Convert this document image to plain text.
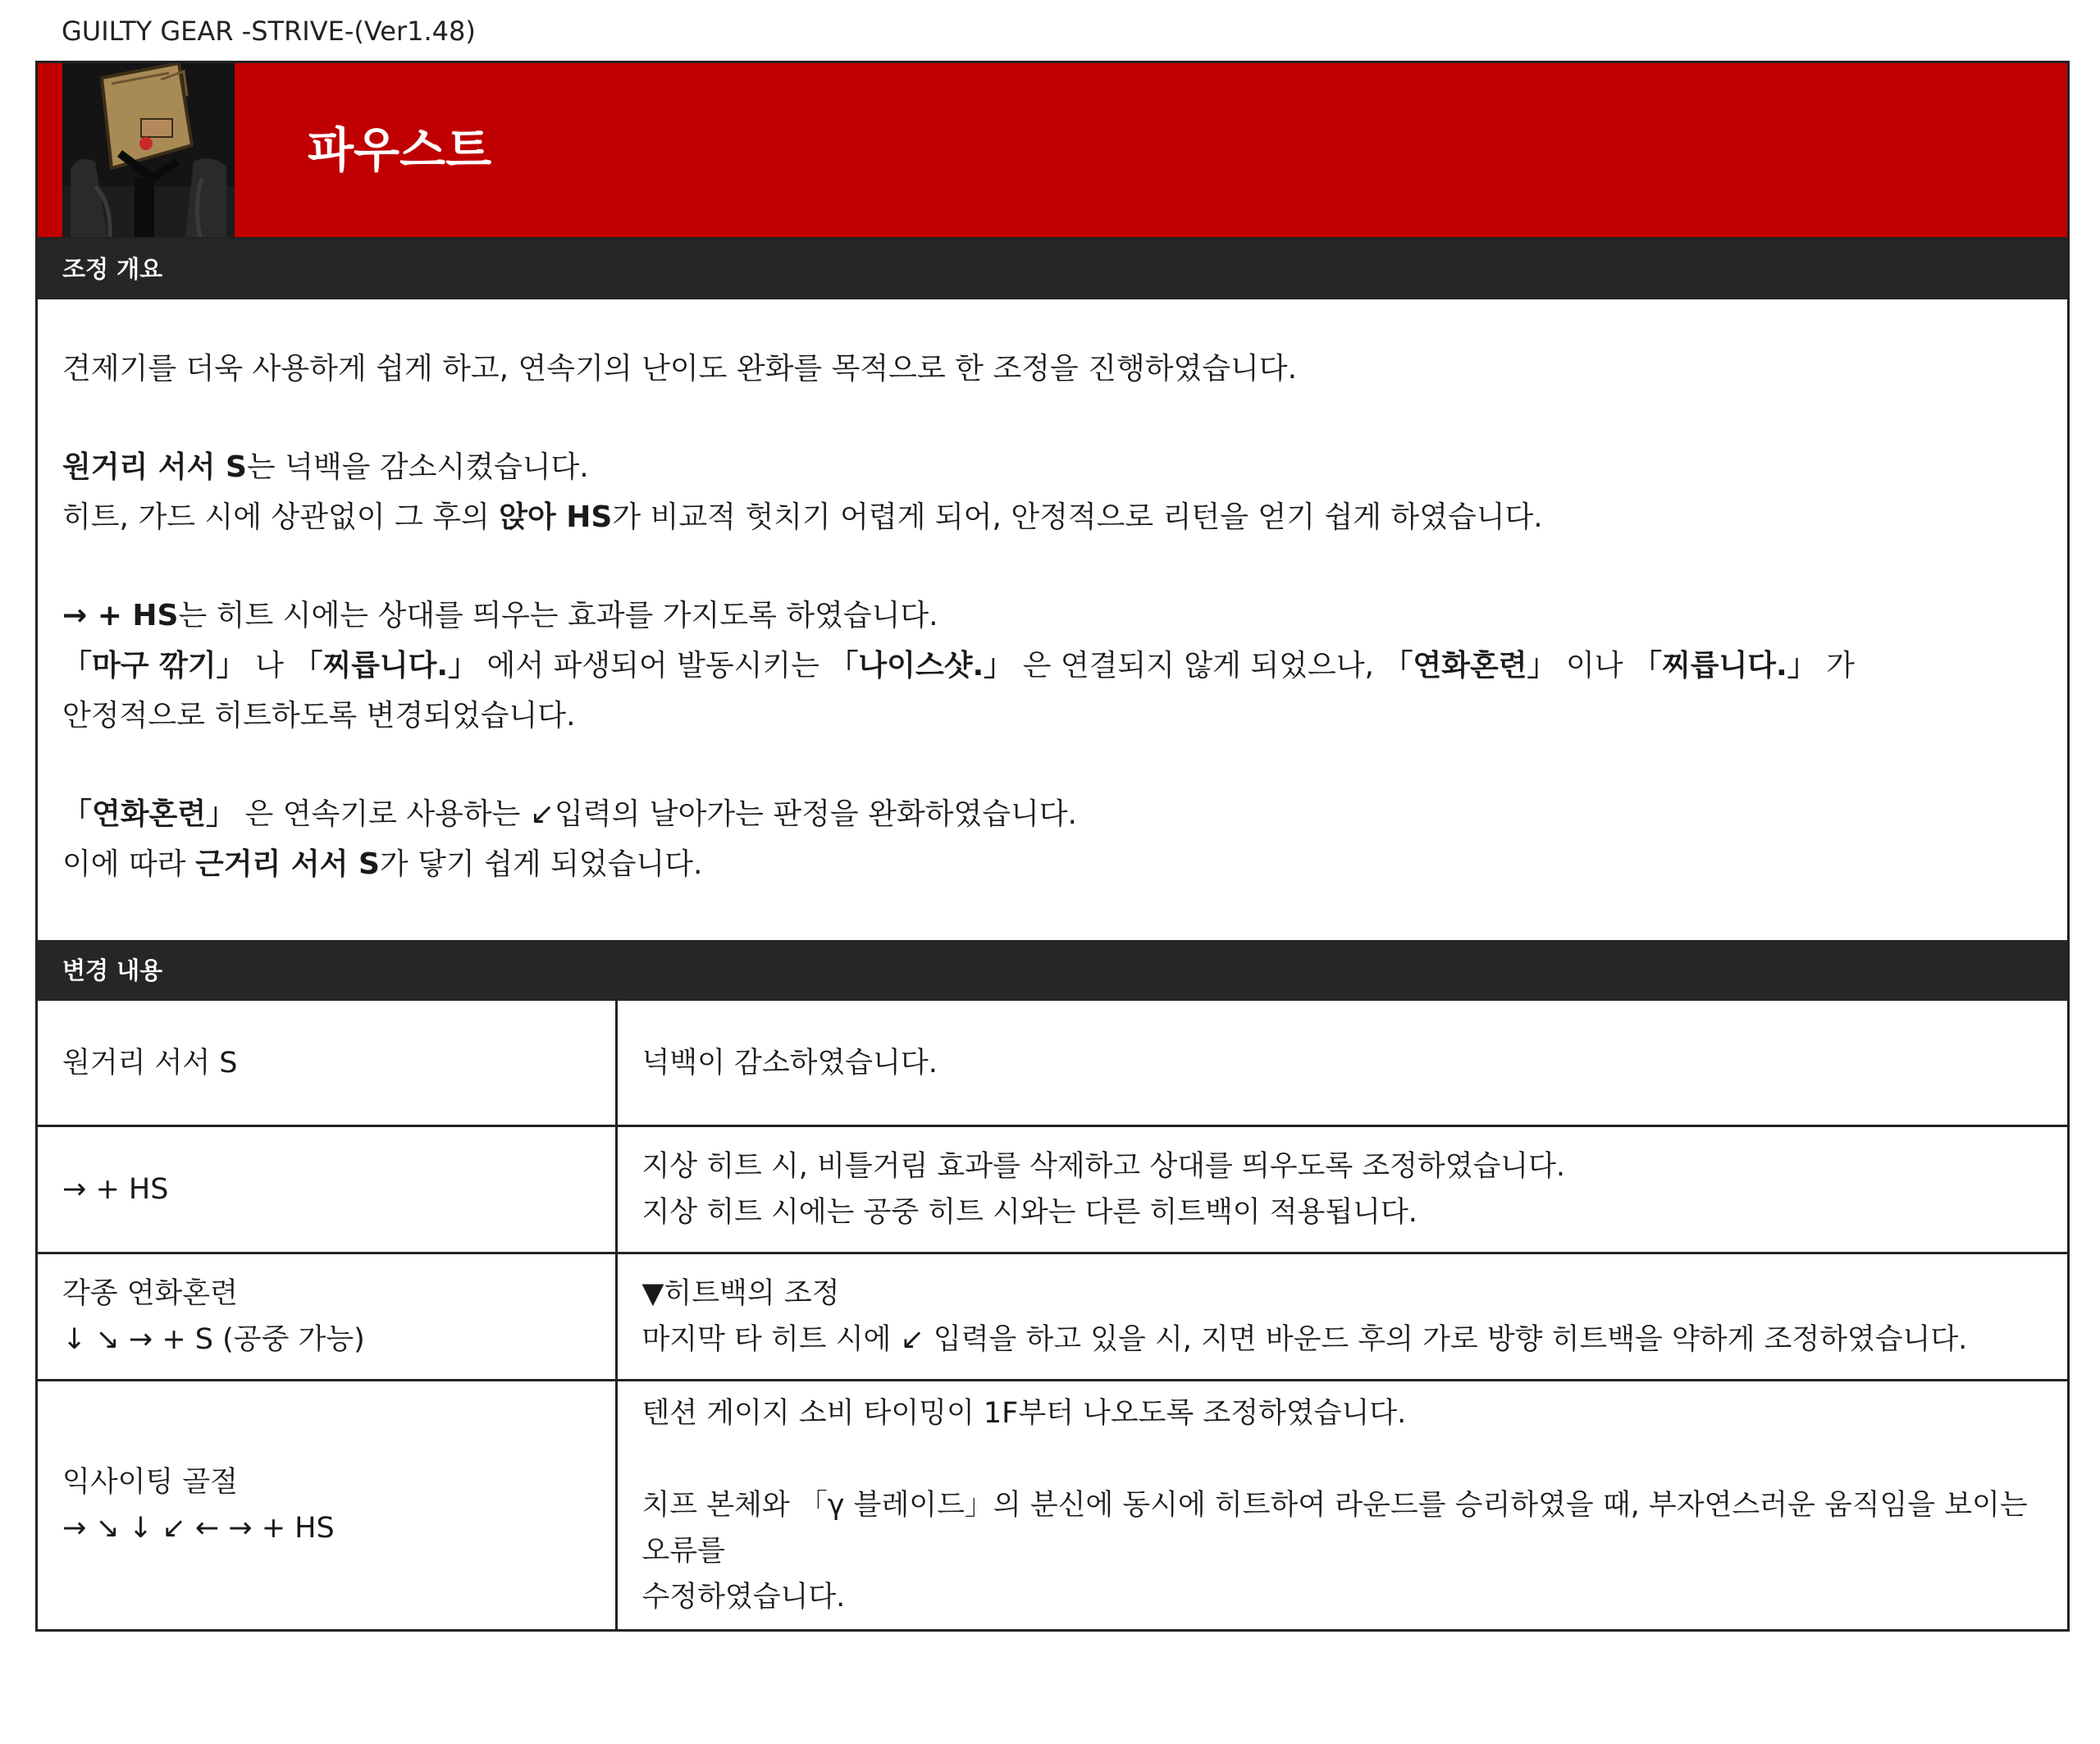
GUILTY GEAR -STRIVE-(Ver1.48)
파우스트
조정 개요

견제기를 더욱 사용하게 쉽게 하고, 연속기의 난이도 완화를 목적으로 한 조정을 진행하였습니다.

원거리 서서 S는 넉백을 감소시켰습니다.
히트, 가드 시에 상관없이 그 후의 앉아 HS가 비교적 헛치기 어렵게 되어, 안정적으로 리턴을 얻기 쉽게 하였습니다.

→ + HS는 히트 시에는 상대를 띄우는 효과를 가지도록 하였습니다.
「마구 깎기」 나 「찌릅니다.」 에서 파생되어 발동시키는 「나이스샷.」 은 연결되지 않게 되었으나, 「연화혼련」 이나 「찌릅니다.」 가
안정적으로 히트하도록 변경되었습니다.

「연화혼련」 은 연속기로 사용하는 ↙입력의 날아가는 판정을 완화하였습니다.
이에 따라 근거리 서서 S가 닿기 쉽게 되었습니다.

변경 내용
원거리 서서 S	넉백이 감소하였습니다.

→ + HS	지상 히트 시, 비틀거림 효과를 삭제하고 상대를 띄우도록 조정하였습니다.
지상 히트 시에는 공중 히트 시와는 다른 히트백이 적용됩니다.

각종 연화혼련
↓ ↘ → + S (공중 가능)	▼히트백의 조정
마지막 타 히트 시에 ↙ 입력을 하고 있을 시, 지면 바운드 후의 가로 방향 히트백을 약하게 조정하였습니다.

익사이팅 골절
→ ↘ ↓ ↙ ← → + HS	텐션 게이지 소비 타이밍이 1F부터 나오도록 조정하였습니다.
치프 본체와 「γ 블레이드」의 분신에 동시에 히트하여 라운드를 승리하였을 때, 부자연스러운 움직임을 보이는 오류를
수정하였습니다.
